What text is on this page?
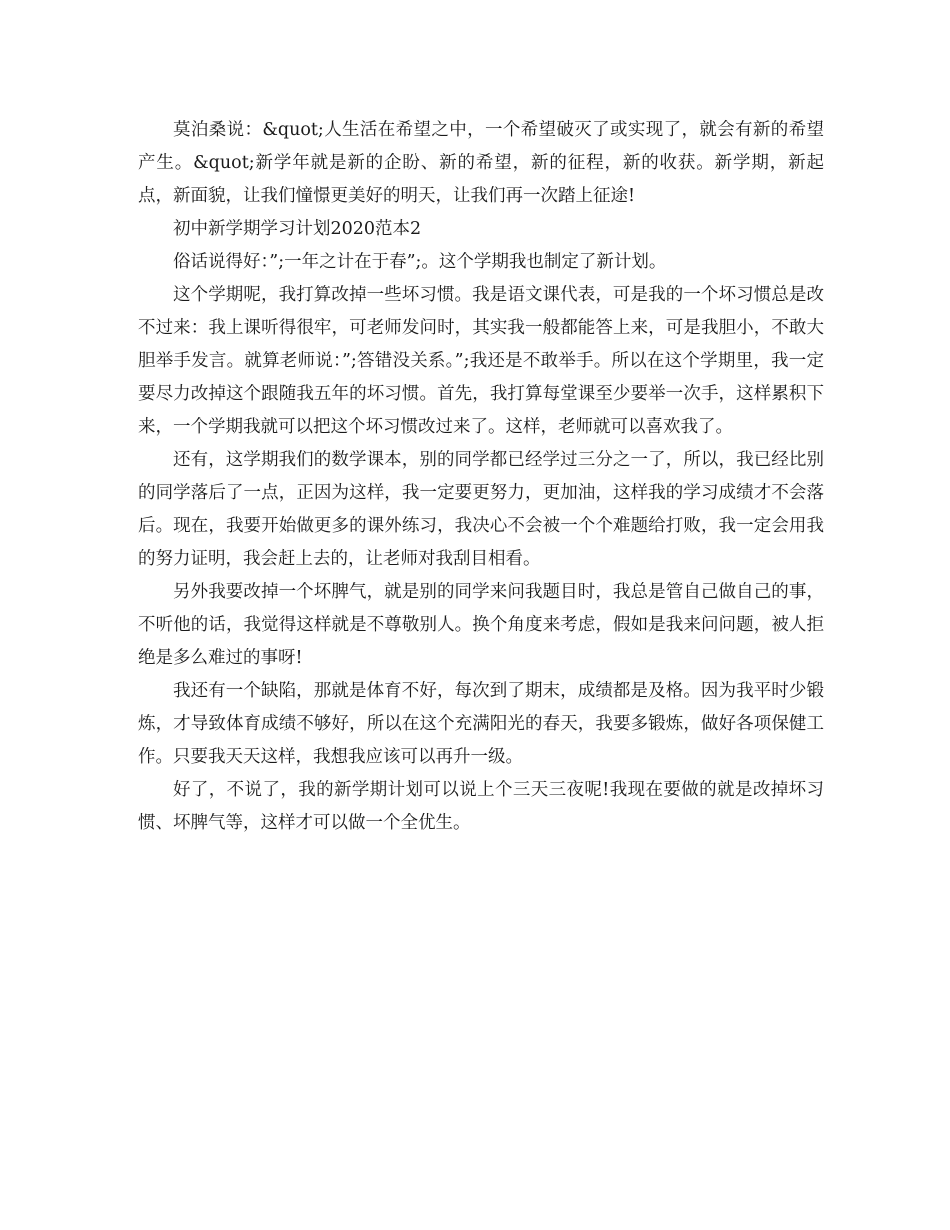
莫泊桑说：&quot;人生活在希望之中，一个希望破灭了或实现了，就会有新的希望产生。&quot;新学年就是新的企盼、新的希望，新的征程，新的收获。新学期，新起点，新面貌，让我们憧憬更美好的明天，让我们再一次踏上征途!

初中新学期学习计划2020范本2

俗话说得好：”;一年之计在于春”;。这个学期我也制定了新计划。

这个学期呢，我打算改掉一些坏习惯。我是语文课代表，可是我的一个坏习惯总是改不过来：我上课听得很牢，可老师发问时，其实我一般都能答上来，可是我胆小，不敢大胆举手发言。就算老师说：”;答错没关系。”;我还是不敢举手。所以在这个学期里，我一定要尽力改掉这个跟随我五年的坏习惯。首先，我打算每堂课至少要举一次手，这样累积下来，一个学期我就可以把这个坏习惯改过来了。这样，老师就可以喜欢我了。

还有，这学期我们的数学课本，别的同学都已经学过三分之一了，所以，我已经比别的同学落后了一点，正因为这样，我一定要更努力，更加油，这样我的学习成绩才不会落后。现在，我要开始做更多的课外练习，我决心不会被一个个难题给打败，我一定会用我的努力证明，我会赶上去的，让老师对我刮目相看。

另外我要改掉一个坏脾气，就是别的同学来问我题目时，我总是管自己做自己的事，不听他的话，我觉得这样就是不尊敬别人。换个角度来考虑，假如是我来问问题，被人拒绝是多么难过的事呀!

我还有一个缺陷，那就是体育不好，每次到了期末，成绩都是及格。因为我平时少锻炼，才导致体育成绩不够好，所以在这个充满阳光的春天，我要多锻炼，做好各项保健工作。只要我天天这样，我想我应该可以再升一级。

好了，不说了，我的新学期计划可以说上个三天三夜呢!我现在要做的就是改掉坏习惯、坏脾气等，这样才可以做一个全优生。
